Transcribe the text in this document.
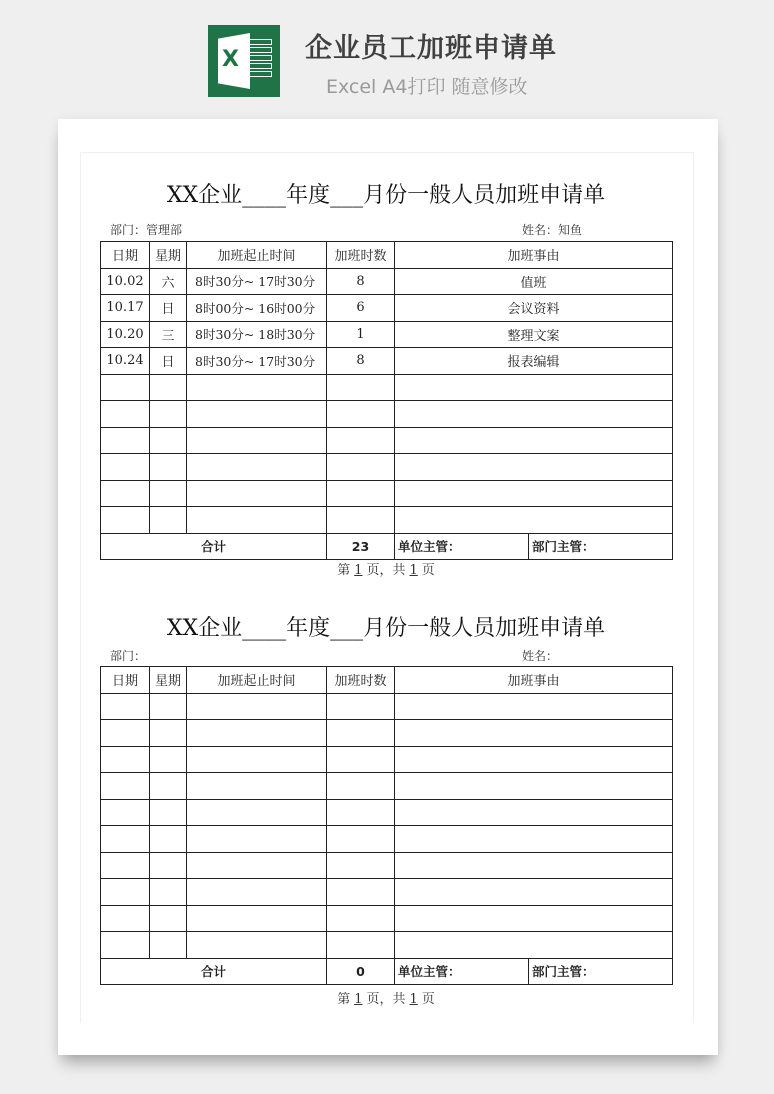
X 企业员工加班申请单
Excel A4打印 随意修改
XX企业____年度___月份一般人员加班申请单
部门：管理部	姓名：知鱼
日期	星期	加班起止时间	加班时数	加班事由	
10.02	六	8时30分~ 17时30分	8	值班	
10.17	日	8时00分~ 16时00分	6	会议资料	
10.20	三	8时30分~ 18时30分	1	整理文案	
10.24	日	8时30分~ 17时30分	8	报表编辑	

合计			23	单位主管：	部门主管：
第 1 页，共 1 页
XX企业____年度___月份一般人员加班申请单
部门：	姓名：
日期	星期	加班起止时间	加班时数	加班事由	

合计			0	单位主管：	部门主管：
第 1 页，共 1 页
